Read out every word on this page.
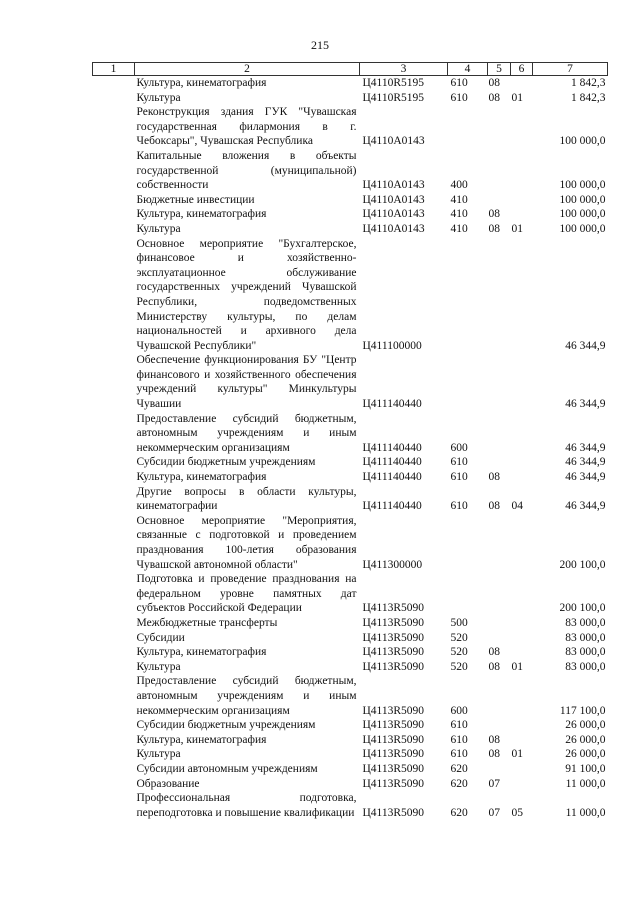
215
1	2	3	4	5	6	7
	Культура, кинематография	Ц4110R5195	610	08		1 842,3
	Культура	Ц4110R5195	610	08	01	1 842,3
	Реконструкция здания ГУК "Чувашская государственная филармония в г. Чебоксары", Чувашская Республика	Ц4110А0143				100 000,0
	Капитальные вложения в объекты государственной (муниципальной) собственности	Ц4110А0143	400			100 000,0
	Бюджетные инвестиции	Ц4110А0143	410			100 000,0
	Культура, кинематография	Ц4110А0143	410	08		100 000,0
	Культура	Ц4110А0143	410	08	01	100 000,0
	Основное мероприятие "Бухгалтерское, финансовое и хозяйственно-эксплуатационное обслуживание государственных учреждений Чувашской Республики, подведомственных Министерству культуры, по делам национальностей и архивного дела Чувашской Республики"	Ц411100000				46 344,9
	Обеспечение функционирования БУ "Центр финансового и хозяйственного обеспечения учреждений культуры" Минкультуры Чувашии	Ц411140440				46 344,9
	Предоставление субсидий бюджетным, автономным учреждениям и иным некоммерческим организациям	Ц411140440	600			46 344,9
	Субсидии бюджетным учреждениям	Ц411140440	610			46 344,9
	Культура, кинематография	Ц411140440	610	08		46 344,9
	Другие вопросы в области культуры, кинематографии	Ц411140440	610	08	04	46 344,9
	Основное мероприятие "Мероприятия, связанные с подготовкой и проведением празднования 100-летия образования Чувашской автономной области"	Ц411300000				200 100,0
	Подготовка и проведение празднования на федеральном уровне памятных дат субъектов Российской Федерации	Ц4113R5090				200 100,0
	Межбюджетные трансферты	Ц4113R5090	500			83 000,0
	Субсидии	Ц4113R5090	520			83 000,0
	Культура, кинематография	Ц4113R5090	520	08		83 000,0
	Культура	Ц4113R5090	520	08	01	83 000,0
	Предоставление субсидий бюджетным, автономным учреждениям и иным некоммерческим организациям	Ц4113R5090	600			117 100,0
	Субсидии бюджетным учреждениям	Ц4113R5090	610			26 000,0
	Культура, кинематография	Ц4113R5090	610	08		26 000,0
	Культура	Ц4113R5090	610	08	01	26 000,0
	Субсидии автономным учреждениям	Ц4113R5090	620			91 100,0
	Образование	Ц4113R5090	620	07		11 000,0
	Профессиональная подготовка, переподготовка и повышение квалификации	Ц4113R5090	620	07	05	11 000,0
